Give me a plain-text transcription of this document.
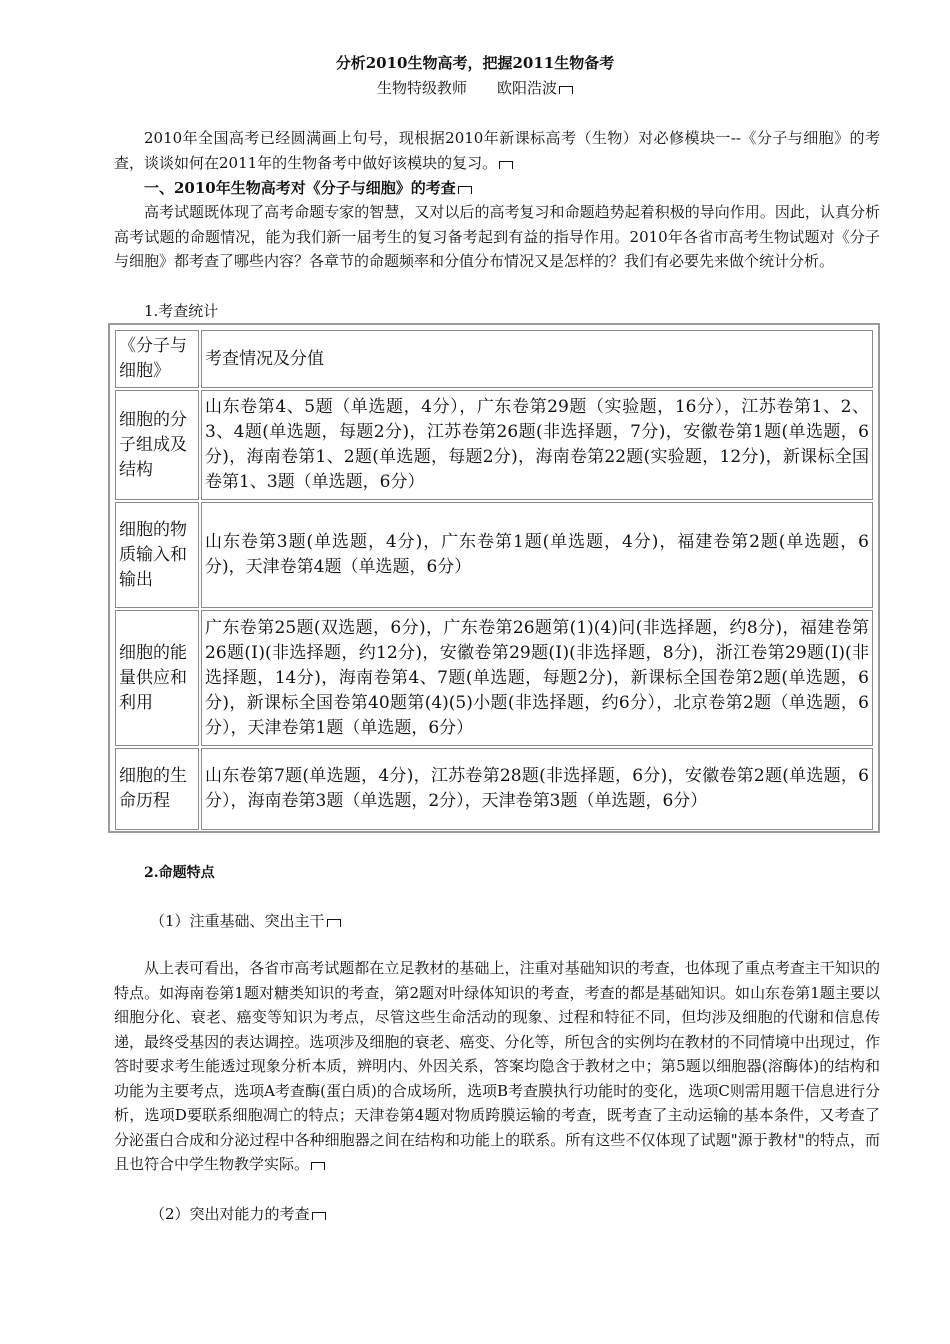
分析2010生物高考，把握2011生物备考
生物特级教师　　欧阳浩波
2010年全国高考已经圆满画上句号，现根据2010年新课标高考（生物）对必修模块一--《分子与细胞》的考查，谈谈如何在2011年的生物备考中做好该模块的复习。
一、2010年生物高考对《分子与细胞》的考查
高考试题既体现了高考命题专家的智慧，又对以后的高考复习和命题趋势起着积极的导向作用。因此，认真分析高考试题的命题情况，能为我们新一届考生的复习备考起到有益的指导作用。2010年各省市高考生物试题对《分子与细胞》都考查了哪些内容？各章节的命题频率和分值分布情况又是怎样的？我们有必要先来做个统计分析。
1.考查统计
《分子与细胞》	考查情况及分值
细胞的分子组成及结构	山东卷第4、5题（单选题，4分），广东卷第29题（实验题，16分），江苏卷第1、2、3、4题(单选题，每题2分)，江苏卷第26题(非选择题，7分)，安徽卷第1题(单选题，6分)，海南卷第1、2题(单选题，每题2分)，海南卷第22题(实验题，12分)，新课标全国卷第1、3题（单选题，6分）
细胞的物质输入和输出	山东卷第3题(单选题，4分)，广东卷第1题(单选题，4分)，福建卷第2题(单选题，6分)，天津卷第4题（单选题，6分）
细胞的能量供应和利用	广东卷第25题(双选题，6分)，广东卷第26题第(1)(4)问(非选择题，约8分)，福建卷第26题(Ⅰ)(非选择题，约12分)，安徽卷第29题(Ⅰ)(非选择题，8分)，浙江卷第29题(Ⅰ)(非选择题，14分)，海南卷第4、7题(单选题，每题2分)，新课标全国卷第2题(单选题，6分)，新课标全国卷第40题第(4)(5)小题(非选择题，约6分），北京卷第2题（单选题，6分），天津卷第1题（单选题，6分）
细胞的生命历程	山东卷第7题(单选题，4分)，江苏卷第28题(非选择题，6分)，安徽卷第2题(单选题，6分），海南卷第3题（单选题，2分），天津卷第3题（单选题，6分）
2.命题特点
（1）注重基础、突出主干
从上表可看出，各省市高考试题都在立足教材的基础上，注重对基础知识的考查，也体现了重点考查主干知识的特点。如海南卷第1题对糖类知识的考查，第2题对叶绿体知识的考查，考查的都是基础知识。如山东卷第1题主要以细胞分化、衰老、癌变等知识为考点，尽管这些生命活动的现象、过程和特征不同，但均涉及细胞的代谢和信息传递，最终受基因的表达调控。选项涉及细胞的衰老、癌变、分化等，所包含的实例均在教材的不同情境中出现过，作答时要求考生能透过现象分析本质，辨明内、外因关系，答案均隐含于教材之中；第5题以细胞器(溶酶体)的结构和功能为主要考点，选项A考查酶(蛋白质)的合成场所，选项B考查膜执行功能时的变化，选项C则需用题干信息进行分析，选项D要联系细胞凋亡的特点；天津卷第4题对物质跨膜运输的考查，既考查了主动运输的基本条件，又考查了分泌蛋白合成和分泌过程中各种细胞器之间在结构和功能上的联系。所有这些不仅体现了试题"源于教材"的特点，而且也符合中学生物教学实际。
（2）突出对能力的考查
